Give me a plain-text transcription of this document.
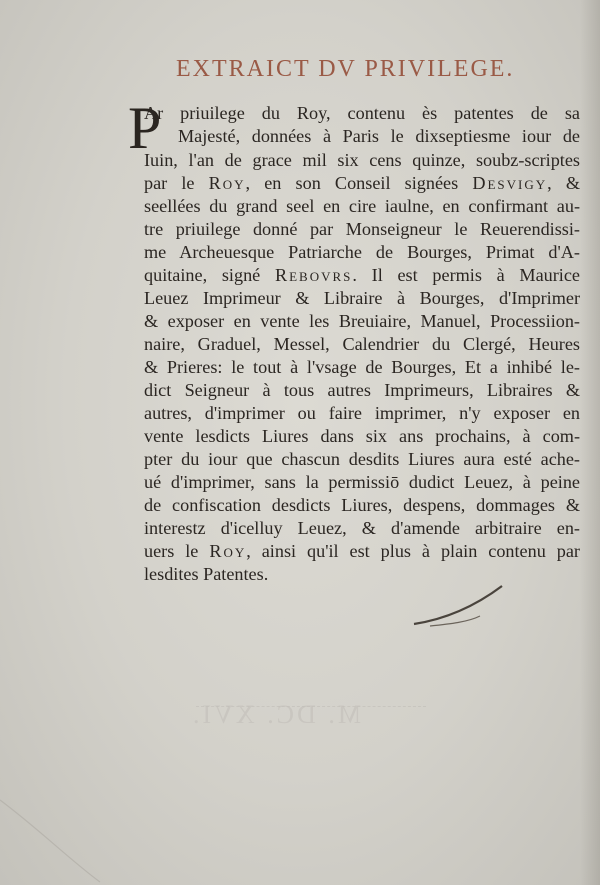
EXTRAICT DV PRIVILEGE.
P
Ar priuilege du Roy, contenu ès patentes de sa
Majesté, données à Paris le dixseptiesme iour de
Iuin, l'an de grace mil six cens quinze, soubz-scriptes
par le Roy, en son Conseil signées Desvigy, &
seellées du grand seel en cire iaulne, en confirmant au-
tre priuilege donné par Monseigneur le Reuerendissi-
me Archeuesque Patriarche de Bourges, Primat d'A-
quitaine, signé Rebovrs. Il est permis à Maurice
Leuez Imprimeur & Libraire à Bourges, d'Imprimer
& exposer en vente les Breuiaire, Manuel, Processiion-
naire, Graduel, Messel, Calendrier du Clergé, Heures
& Prieres: le tout à l'vsage de Bourges, Et a inhibé le-
dict Seigneur à tous autres Imprimeurs, Libraires &
autres, d'imprimer ou faire imprimer, n'y exposer en
vente lesdicts Liures dans six ans prochains, à com-
pter du iour que chascun desdits Liures aura esté ache-
ué d'imprimer, sans la permissiō dudict Leuez, à peine
de confiscation desdicts Liures, despens, dommages &
interestz d'icelluy Leuez, & d'amende arbitraire en-
uers le Roy, ainsi qu'il est plus à plain contenu par
lesdites Patentes.
M. DC. XVI.
